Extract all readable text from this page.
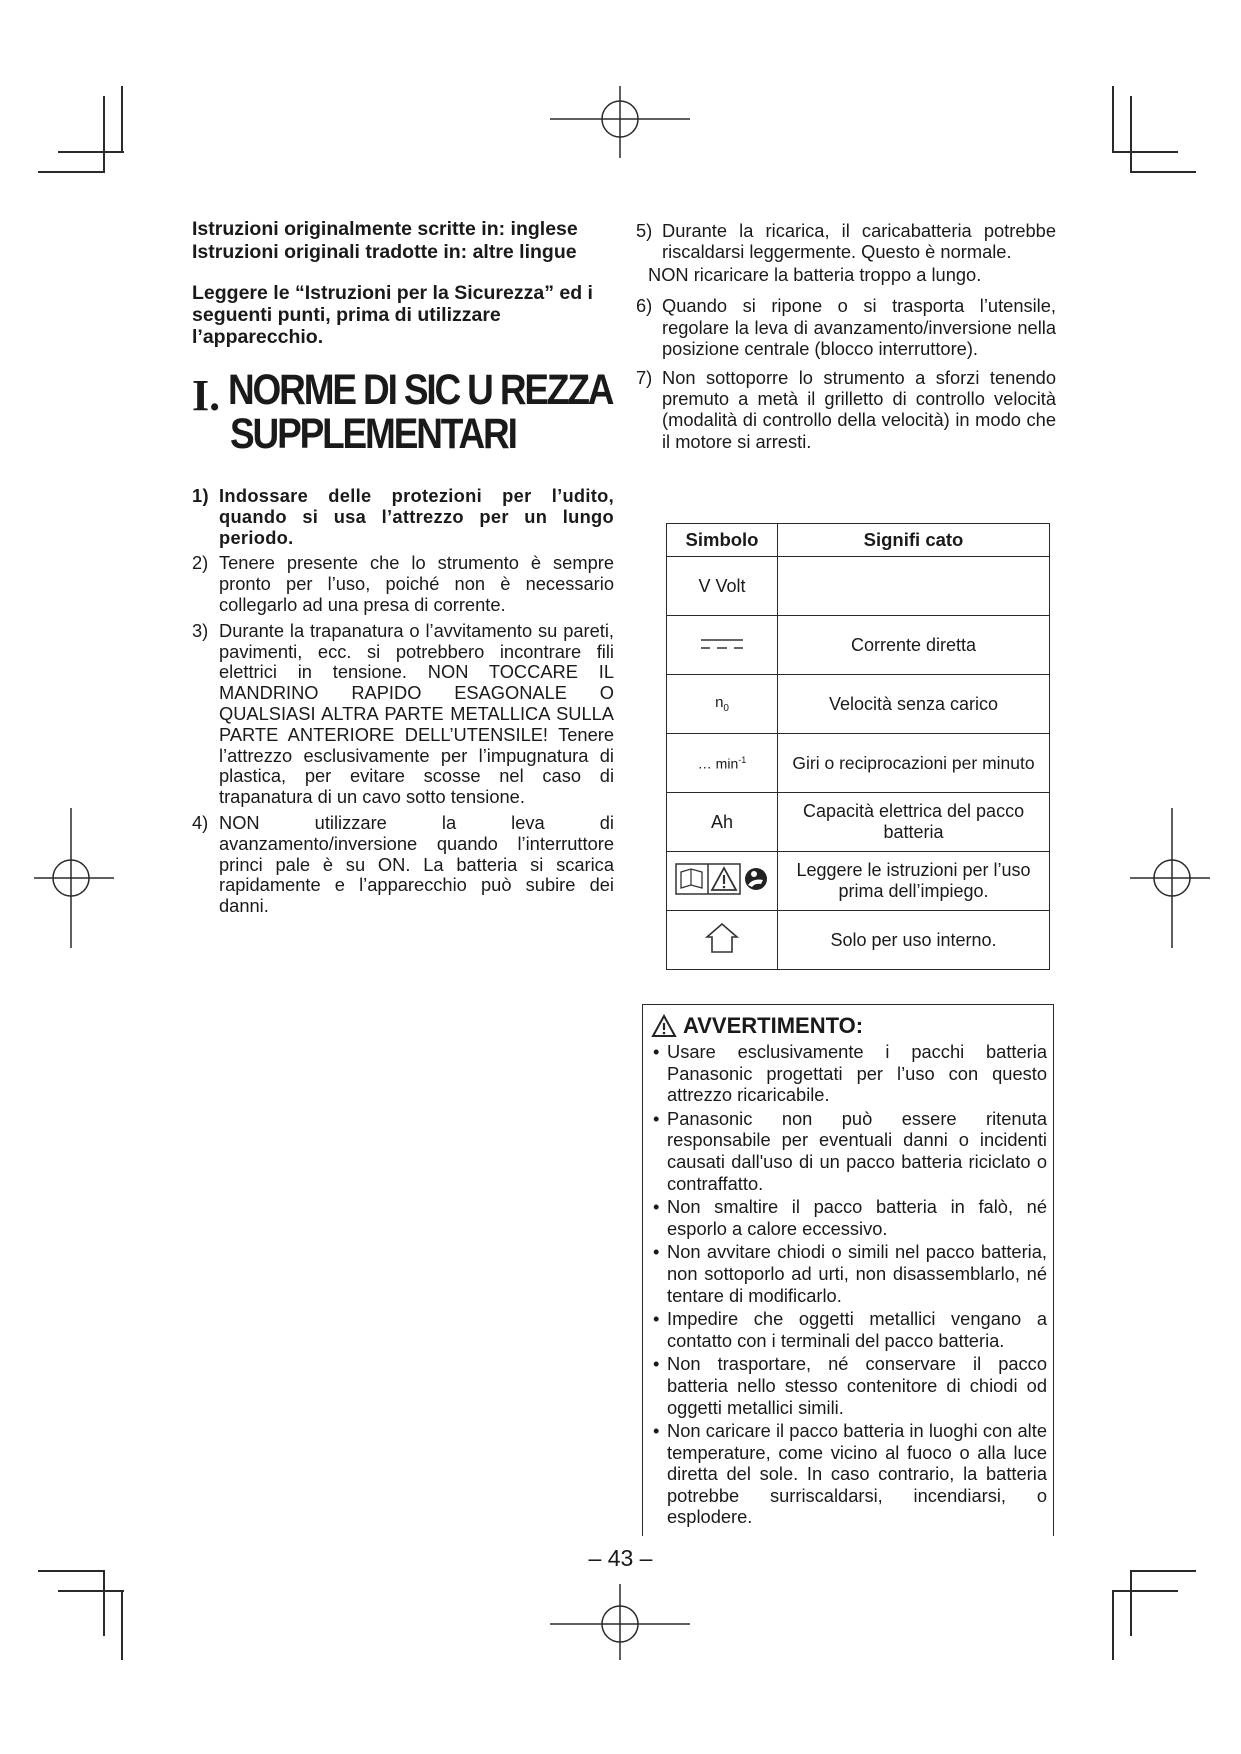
Istruzioni originalmente scritte in: inglese
Istruzioni originali tradotte in: altre lingue
Leggere le “Istruzioni per la Sicurezza” ed i seguenti punti, prima di utilizzare l’apparecchio.
I. NORME DI SIC U REZZA
SUPPLEMENTARI
1) Indossare delle protezioni per l’udito, quando si usa l’attrezzo per un lungo periodo.
2) Tenere presente che lo strumento è sempre pronto per l’uso, poiché non è necessario collegarlo ad una presa di corrente.
3) Durante la trapanatura o l’avvitamento su pareti, pavimenti, ecc. si potrebbero incontrare fili elettrici in tensione. NON TOCCARE IL MANDRINO RAPIDO ESAGONALE O QUALSIASI ALTRA PARTE METALLICA SULLA PARTE ANTERIORE DELL’UTENSILE! Tenere l’attrezzo esclusivamente per l’impugnatura di plastica, per evitare scosse nel caso di trapanatura di un cavo sotto tensione.
4) NON utilizzare la leva di avanzamento/inversione quando l’interruttore princi pale è su ON. La batteria si scarica rapidamente e l’apparecchio può subire dei danni.
5) Durante la ricarica, il caricabatteria potrebbe riscaldarsi leggermente. Questo è normale.
NON ricaricare la batteria troppo a lungo.
6) Quando si ripone o si trasporta l’utensile, regolare la leva di avanzamento/inversione nella posizione centrale (blocco interruttore).
7) Non sottoporre lo strumento a sforzi tenendo premuto a metà il grilletto di controllo velocità (modalità di controllo della velocità) in modo che il motore si arresti.
Simbolo	Signifi cato
V Volt	
	Corrente diretta
$n_0$	Velocità senza carico
… $\min^{-1}$	Giri o reciprocazioni per minuto
Ah	Capacità elettrica del pacco batteria
	Leggere le istruzioni per l’uso prima dell’impiego.
	Solo per uso interno.
AVVERTIMENTO:
• Usare esclusivamente i pacchi batteria Panasonic progettati per l’uso con questo attrezzo ricaricabile.
• Panasonic non può essere ritenuta responsabile per eventuali danni o incidenti causati dall'uso di un pacco batteria riciclato o contraffatto.
• Non smaltire il pacco batteria in falò, né esporlo a calore eccessivo.
• Non avvitare chiodi o simili nel pacco batteria, non sottoporlo ad urti, non disassemblarlo, né tentare di modificarlo.
• Impedire che oggetti metallici vengano a contatto con i terminali del pacco batteria.
• Non trasportare, né conservare il pacco batteria nello stesso contenitore di chiodi od oggetti metallici simili.
• Non caricare il pacco batteria in luoghi con alte temperature, come vicino al fuoco o alla luce diretta del sole. In caso contrario, la batteria potrebbe surriscaldarsi, incendiarsi, o esplodere.
– 43 –
